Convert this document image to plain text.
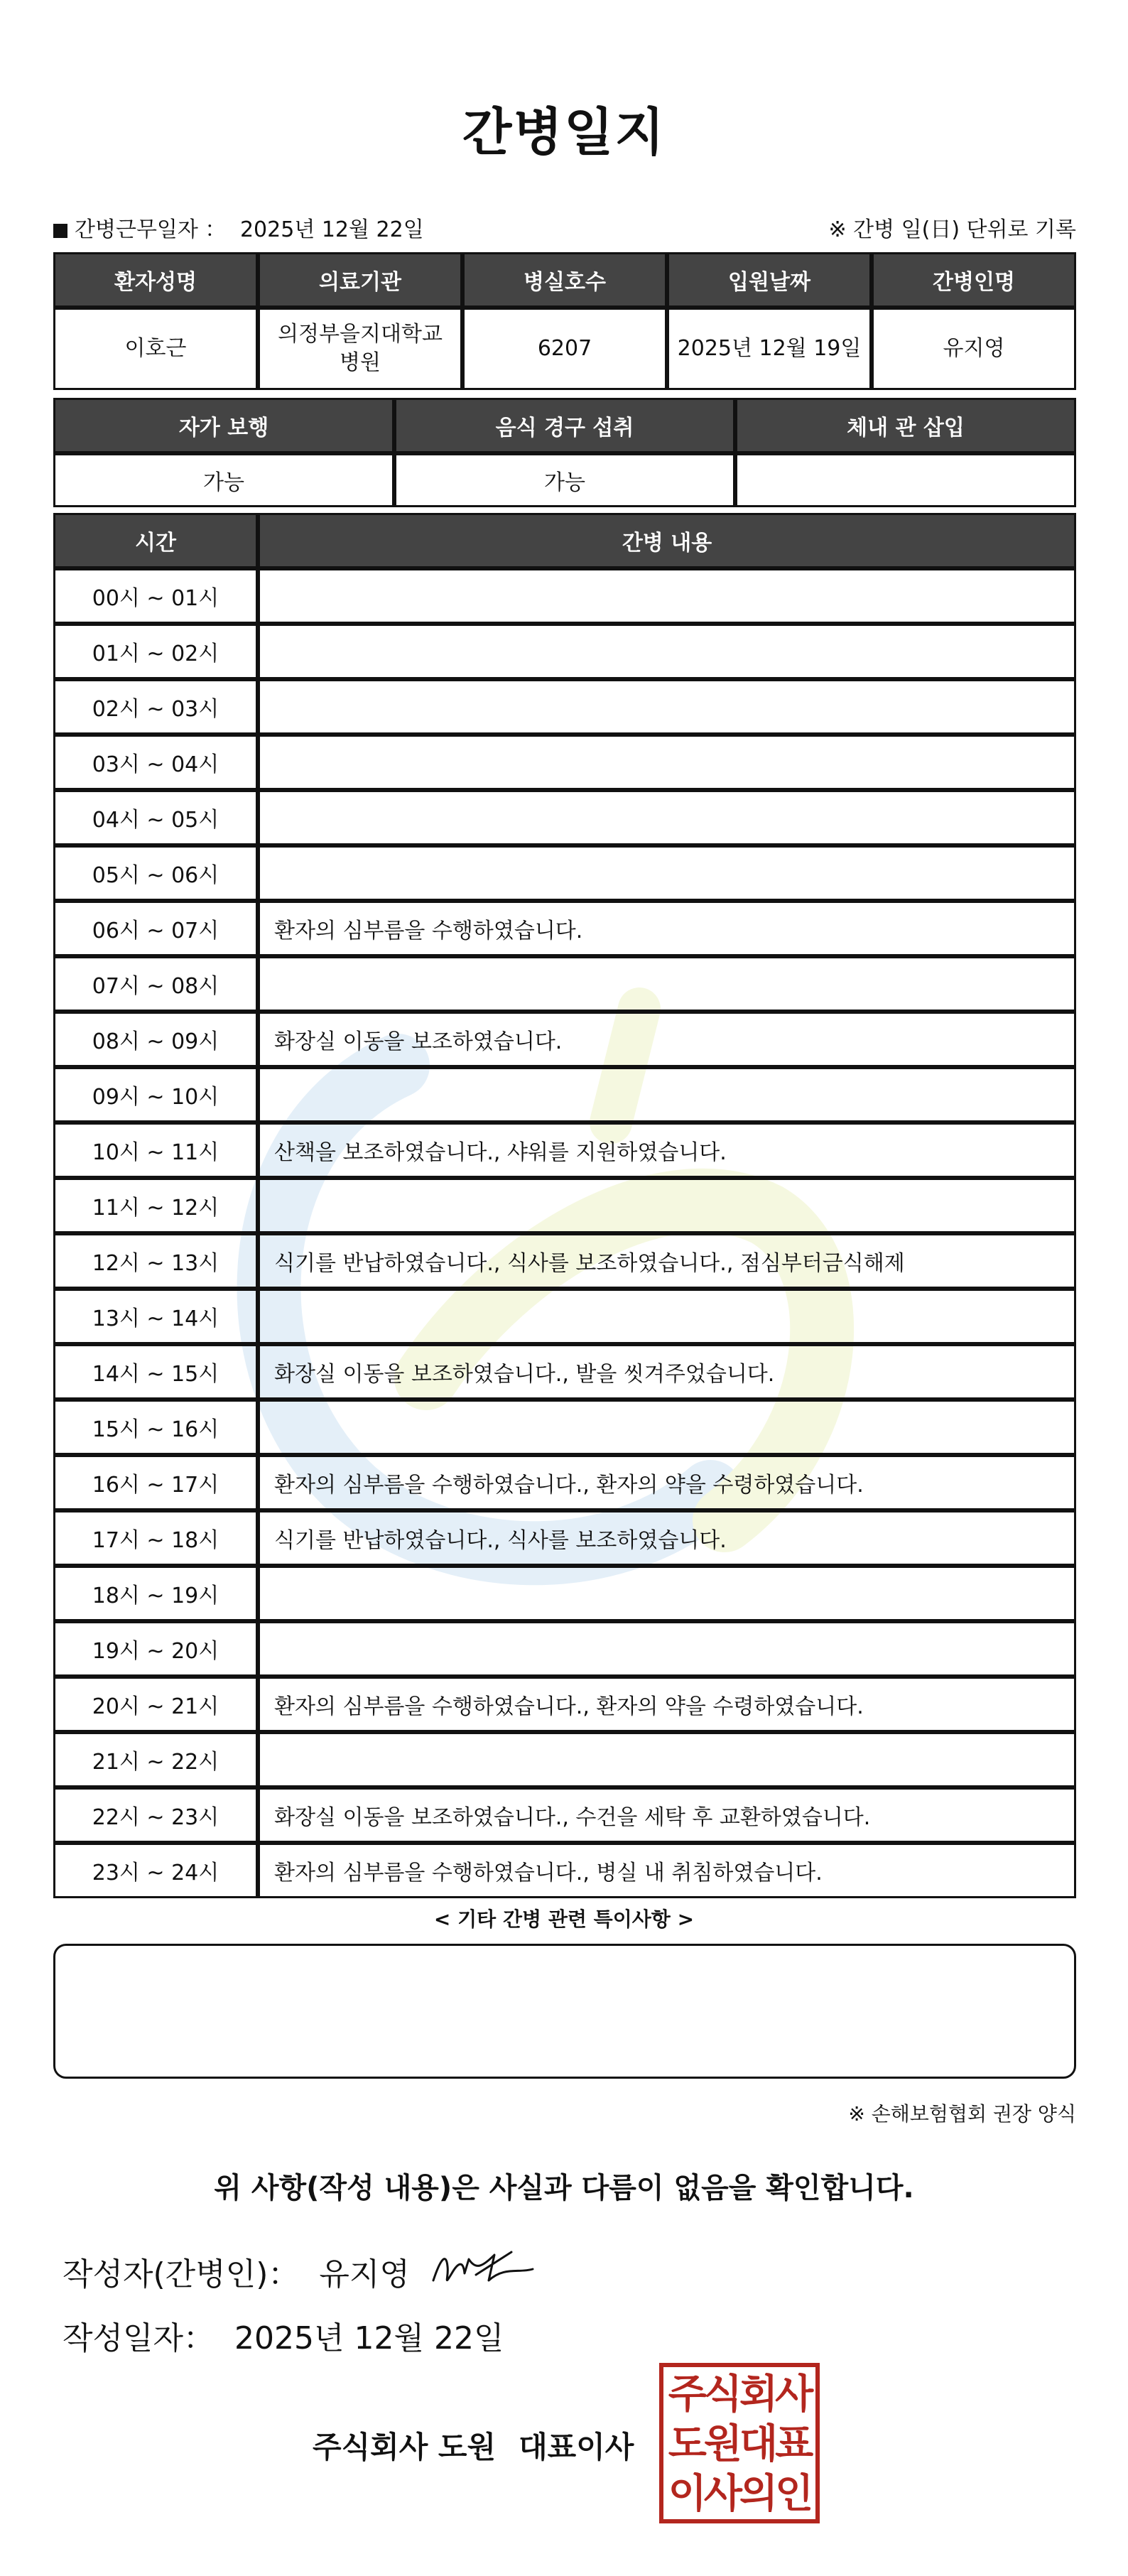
간병일지
간병근무일자 ： 2025년 12월 22일	※ 간병 일(日) 단위로 기록
환자성명	의료기관	병실호수	입원날짜	간병인명
이호근	의정부을지대학교병원	6207	2025년 12월 19일	유지영
자가 보행	음식 경구 섭취	체내 관 삽입
가능	가능	
시간	간병 내용
00시 ~ 01시	
01시 ~ 02시	
02시 ~ 03시	
03시 ~ 04시	
04시 ~ 05시	
05시 ~ 06시	
06시 ~ 07시	환자의 심부름을 수행하였습니다.
07시 ~ 08시	
08시 ~ 09시	화장실 이동을 보조하였습니다.
09시 ~ 10시	
10시 ~ 11시	산책을 보조하였습니다., 샤워를 지원하였습니다.
11시 ~ 12시	
12시 ~ 13시	식기를 반납하였습니다., 식사를 보조하였습니다., 점심부터금식해제
13시 ~ 14시	
14시 ~ 15시	화장실 이동을 보조하였습니다., 발을 씻겨주었습니다.
15시 ~ 16시	
16시 ~ 17시	환자의 심부름을 수행하였습니다., 환자의 약을 수령하였습니다.
17시 ~ 18시	식기를 반납하였습니다., 식사를 보조하였습니다.
18시 ~ 19시	
19시 ~ 20시	
20시 ~ 21시	환자의 심부름을 수행하였습니다., 환자의 약을 수령하였습니다.
21시 ~ 22시	
22시 ~ 23시	화장실 이동을 보조하였습니다., 수건을 세탁 후 교환하였습니다.
23시 ~ 24시	환자의 심부름을 수행하였습니다., 병실 내 취침하였습니다.
< 기타 간병 관련 특이사항 >
※ 손해보험협회 권장 양식
위 사항(작성 내용)은 사실과 다름이 없음을 확인합니다.
작성자(간병인)： 유지영
작성일자： 2025년 12월 22일
주식회사 도원 대표이사
주식회사
도원대표
이사의인
